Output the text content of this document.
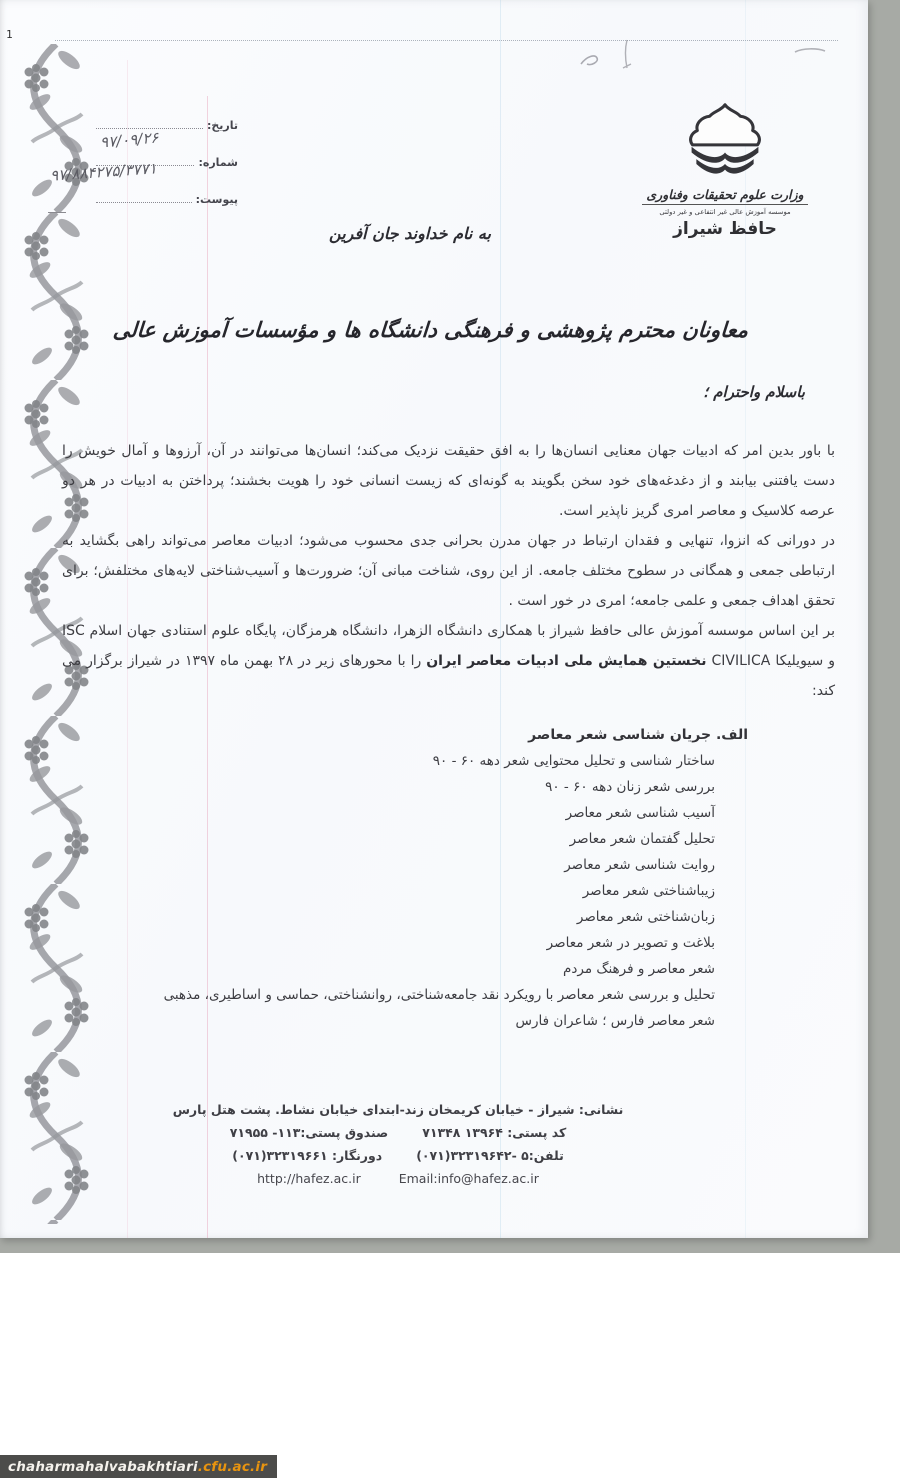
1
وزارت علوم تحقیقات وفناوری
موسسه آموزش عالی غیر انتفاعی و غیر دولتی
حافظ شیراز
تاریخ:
شماره:
پیوست:
۹۷/۰۹/۲۶
۹۷/۸۸۴۲۷۵/۳۷۷۱
به نام خداوند جان آفرین
معاونان محترم پژوهشی و فرهنگی دانشگاه ها و مؤسسات آموزش عالی
باسلام واحترام ؛

با باور بدین امر که ادبیات جهان معنایی انسان‌ها را به افق حقیقت نزدیک می‌کند؛ انسان‌ها می‌توانند در آن، آرزوها و آمال خویش را دست یافتنی بیابند و از دغدغه‌های خود سخن بگویند به گونه‌ای که زیست انسانی خود را هویت بخشند؛ پرداختن به ادبیات در هر دو عرصه کلاسیک و معاصر امری گریز ناپذیر است.

در دورانی که انزوا، تنهایی و فقدان ارتباط در جهان مدرن بحرانی جدی محسوب می‌شود؛ ادبیات معاصر می‌تواند راهی بگشاید به ارتباطی جمعی و همگانی در سطوح مختلف جامعه. از این روی، شناخت مبانی آن؛ ضرورت‌ها و آسیب‌شناختی لایه‌های مختلفش؛ برای تحقق اهداف جمعی و علمی جامعه؛ امری در خور است .

بر این اساس موسسه آموزش عالی حافظ شیراز با همکاری دانشگاه الزهرا، دانشگاه هرمزگان، پایگاه علوم استنادی جهان اسلام ISC و سیویلیکا CIVILICA نخستین همایش ملی ادبیات معاصر ایران را با محورهای زیر در ۲۸ بهمن ماه ۱۳۹۷ در شیراز برگزار می کند:

الف. جریان شناسی شعر معاصر
ساختار شناسی و تحلیل محتوایی شعر دهه ۶۰ - ۹۰
بررسی شعر زنان دهه ۶۰ - ۹۰
آسیب شناسی شعر معاصر
تحلیل گفتمان شعر معاصر
روایت شناسی شعر معاصر
زیباشناختی شعر معاصر
زبان‌شناختی شعر معاصر
بلاغت و تصویر در شعر معاصر
شعر معاصر و فرهنگ مردم
تحلیل و بررسی شعر معاصر با رویکرد نقد جامعه‌شناختی، روانشناختی، حماسی و اساطیری، مذهبی
شعر معاصر فارس ؛ شاعران فارس
نشانی: شیراز - خیابان کریمخان زند-ابتدای خیابان نشاط. پشت هتل پارس
کد پستی: ۱۳۹۶۴ ۷۱۳۴۸
صندوق پستی:۱۱۳- ۷۱۹۵۵
تلفن:۵ -۳۲۳۱۹۶۴۲(۰۷۱)
دورنگار: ۳۲۳۱۹۶۶۱(۰۷۱)
http://hafez.ac.ir	Email:info@hafez.ac.ir
chaharmahalvabakhtiari .cfu.ac.ir
